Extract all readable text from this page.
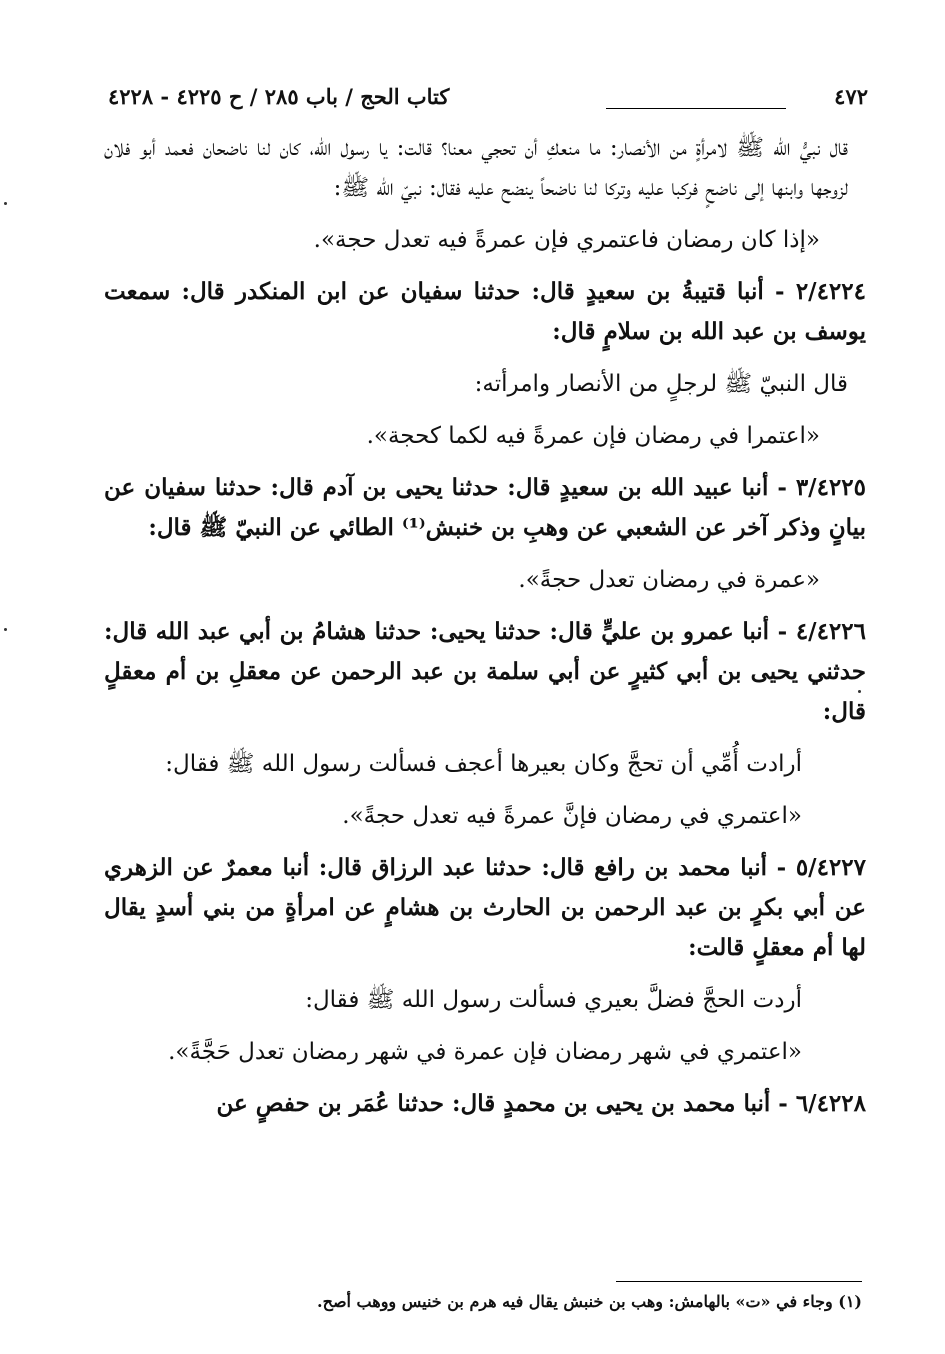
٤٧٢
كتاب الحج / باب ٢٨٥ / ح ٤٢٢٥ - ٤٢٢٨

قال نبيُّ الله ﷺ لامرأةٍ من الأنصار: ما منعكِ أن تحجي معنا؟ قالت: يا رسول الله، كان لنا ناضحان فعمد أبو فلان لزوجها وابنها إلى ناضحٍ فركبا عليه وتركا لنا ناضحاً ينضح عليه فقال: نبيّ الله ﷺ:

«إذا كان رمضان فاعتمري فإن عمرةً فيه تعدل حجة».

٢/٤٢٢٤ - أنبا قتيبةُ بن سعيدٍ قال: حدثنا سفيان عن ابن المنكدر قال: سمعت يوسف بن عبد الله بن سلامٍ قال:

قال النبيّ ﷺ لرجلٍ من الأنصار وامرأته:

«اعتمرا في رمضان فإن عمرةً فيه لكما كحجة».

٣/٤٢٢٥ - أنبا عبيد الله بن سعيدٍ قال: حدثنا يحيى بن آدم قال: حدثنا سفيان عن بيانٍ وذكر آخر عن الشعبي عن وهبِ بن خنبش⁽¹⁾ الطائي عن النبيّ ﷺ قال:

«عمرة في رمضان تعدل حجةً».

٤/٤٢٢٦ - أنبا عمرو بن عليٍّ قال: حدثنا يحيى: حدثنا هشامُ بن أبي عبد الله قال: حدثني يحيى بن أبي كثيرٍ عن أبي سلمة بن عبد الرحمن عن معقلِ بن أم معقلٍ قال:

أرادت أُمِّي أن تحجَّ وكان بعيرها أعجف فسألت رسول الله ﷺ فقال:

«اعتمري في رمضان فإنَّ عمرةً فيه تعدل حجةً».

٥/٤٢٢٧ - أنبا محمد بن رافع قال: حدثنا عبد الرزاق قال: أنبا معمرٌ عن الزهري عن أبي بكرٍ بن عبد الرحمن بن الحارث بن هشامٍ عن امرأةٍ من بني أسدٍ يقال لها أم معقلٍ قالت:

أردت الحجَّ فضلَّ بعيري فسألت رسول الله ﷺ فقال:

«اعتمري في شهر رمضان فإن عمرة في شهر رمضان تعدل حَجَّةً».

٦/٤٢٢٨ - أنبا محمد بن يحيى بن محمدٍ قال: حدثنا عُمَر بن حفصٍ عن

(١) وجاء في «ت» بالهامش: وهب بن خنبش يقال فيه هرم بن خنيس ووهب أصح.
